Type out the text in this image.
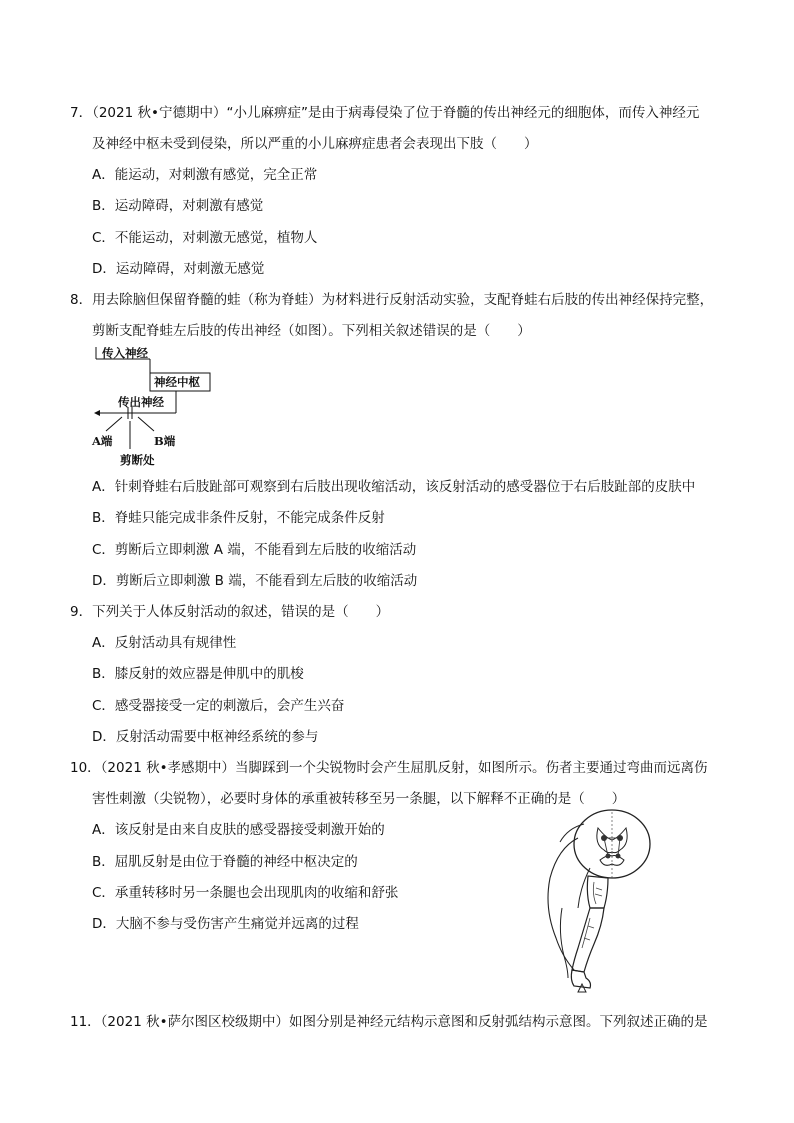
7．（2021 秋•宁德期中）“小儿麻痹症”是由于病毒侵染了位于脊髓的传出神经元的细胞体，而传入神经元
及神经中枢未受到侵染，所以严重的小儿麻痹症患者会表现出下肢（　　）
A．能运动，对刺激有感觉，完全正常
B．运动障碍，对刺激有感觉
C．不能运动，对刺激无感觉，植物人
D．运动障碍，对刺激无感觉
8．用去除脑但保留脊髓的蛙（称为脊蛙）为材料进行反射活动实验，支配脊蛙右后肢的传出神经保持完整，
剪断支配脊蛙左后肢的传出神经（如图）。下列相关叙述错误的是（　　）
传入神经
神经中枢
传出神经
A端	B端
剪断处
A．针刺脊蛙右后肢趾部可观察到右后肢出现收缩活动，该反射活动的感受器位于右后肢趾部的皮肤中
B．脊蛙只能完成非条件反射，不能完成条件反射
C．剪断后立即刺激 A 端，不能看到左后肢的收缩活动
D．剪断后立即刺激 B 端，不能看到左后肢的收缩活动
9．下列关于人体反射活动的叙述，错误的是（　　）
A．反射活动具有规律性
B．膝反射的效应器是伸肌中的肌梭
C．感受器接受一定的刺激后，会产生兴奋
D．反射活动需要中枢神经系统的参与
10．（2021 秋•孝感期中）当脚踩到一个尖锐物时会产生屈肌反射，如图所示。伤者主要通过弯曲而远离伤
害性刺激（尖锐物），必要时身体的承重被转移至另一条腿，以下解释不正确的是（　　）
A．该反射是由来自皮肤的感受器接受刺激开始的
B．屈肌反射是由位于脊髓的神经中枢决定的
C．承重转移时另一条腿也会出现肌肉的收缩和舒张
D．大脑不参与受伤害产生痛觉并远离的过程
11．（2021 秋•萨尔图区校级期中）如图分别是神经元结构示意图和反射弧结构示意图。下列叙述正确的是
